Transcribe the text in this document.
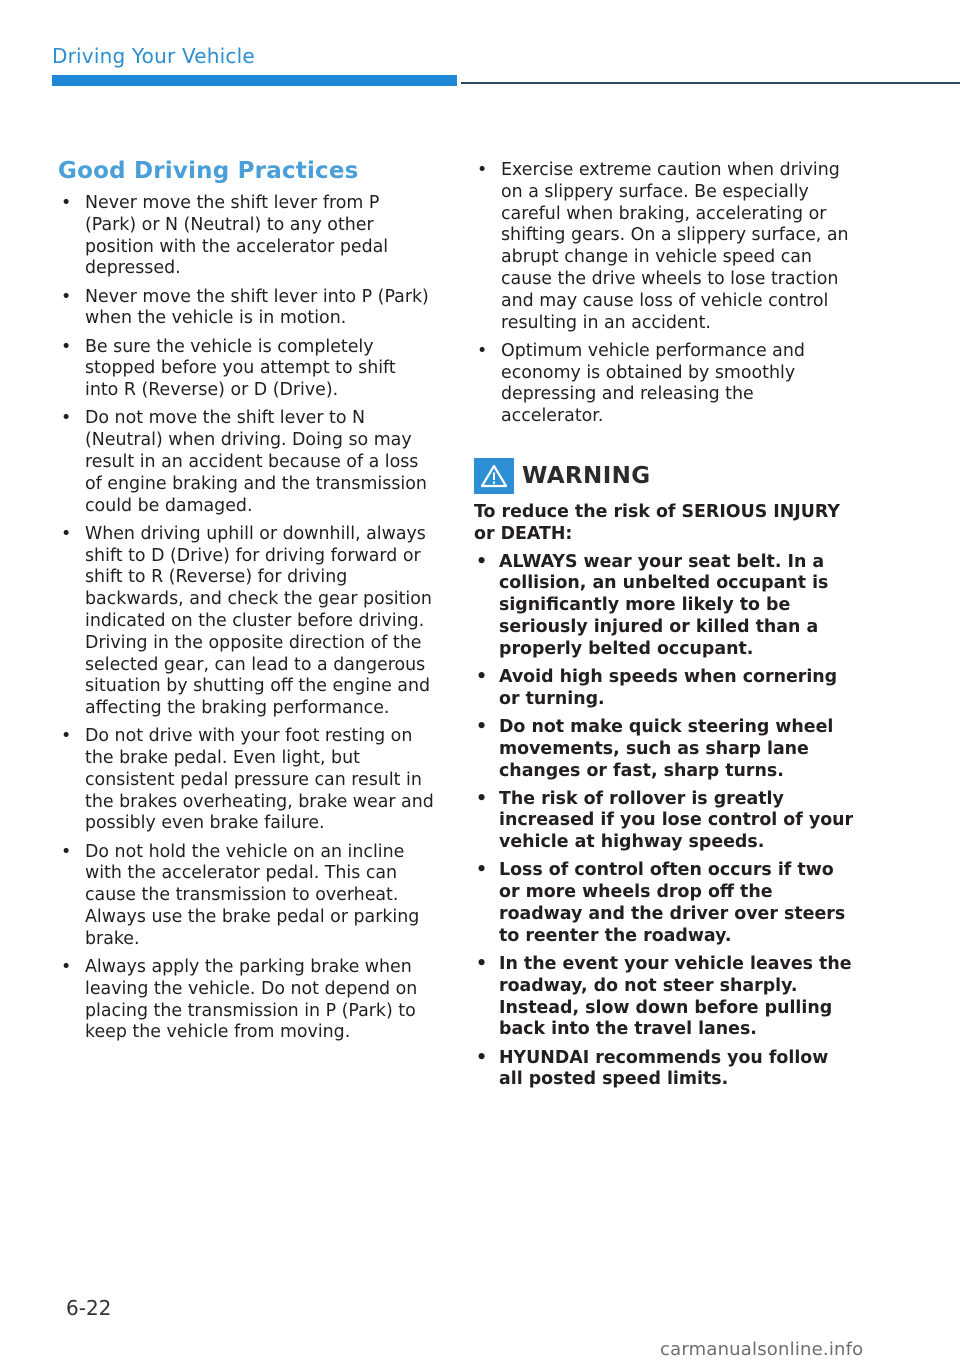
Driving Your Vehicle
Good Driving Practices
• Never move the shift lever from P (Park) or N (Neutral) to any other position with the accelerator pedal depressed.
• Never move the shift lever into P (Park) when the vehicle is in motion.
• Be sure the vehicle is completely stopped before you attempt to shift into R (Reverse) or D (Drive).
• Do not move the shift lever to N (Neutral) when driving. Doing so may result in an accident because of a loss of engine braking and the transmission could be damaged.
• When driving uphill or downhill, always shift to D (Drive) for driving forward or shift to R (Reverse) for driving backwards, and check the gear position indicated on the cluster before driving. Driving in the opposite direction of the selected gear, can lead to a dangerous situation by shutting off the engine and affecting the braking performance.
• Do not drive with your foot resting on the brake pedal. Even light, but consistent pedal pressure can result in the brakes overheating, brake wear and possibly even brake failure.
• Do not hold the vehicle on an incline with the accelerator pedal. This can cause the transmission to overheat. Always use the brake pedal or parking brake.
• Always apply the parking brake when leaving the vehicle. Do not depend on placing the transmission in P (Park) to keep the vehicle from moving.
• Exercise extreme caution when driving on a slippery surface. Be especially careful when braking, accelerating or shifting gears. On a slippery surface, an abrupt change in vehicle speed can cause the drive wheels to lose traction and may cause loss of vehicle control resulting in an accident.
• Optimum vehicle performance and economy is obtained by smoothly depressing and releasing the accelerator.
WARNING

To reduce the risk of SERIOUS INJURY or DEATH:

• ALWAYS wear your seat belt. In a collision, an unbelted occupant is significantly more likely to be seriously injured or killed than a properly belted occupant.
• Avoid high speeds when cornering or turning.
• Do not make quick steering wheel movements, such as sharp lane changes or fast, sharp turns.
• The risk of rollover is greatly increased if you lose control of your vehicle at highway speeds.
• Loss of control often occurs if two or more wheels drop off the roadway and the driver over steers to reenter the roadway.
• In the event your vehicle leaves the roadway, do not steer sharply. Instead, slow down before pulling back into the travel lanes.
• HYUNDAI recommends you follow all posted speed limits.
6-22
carmanualsonline.info
